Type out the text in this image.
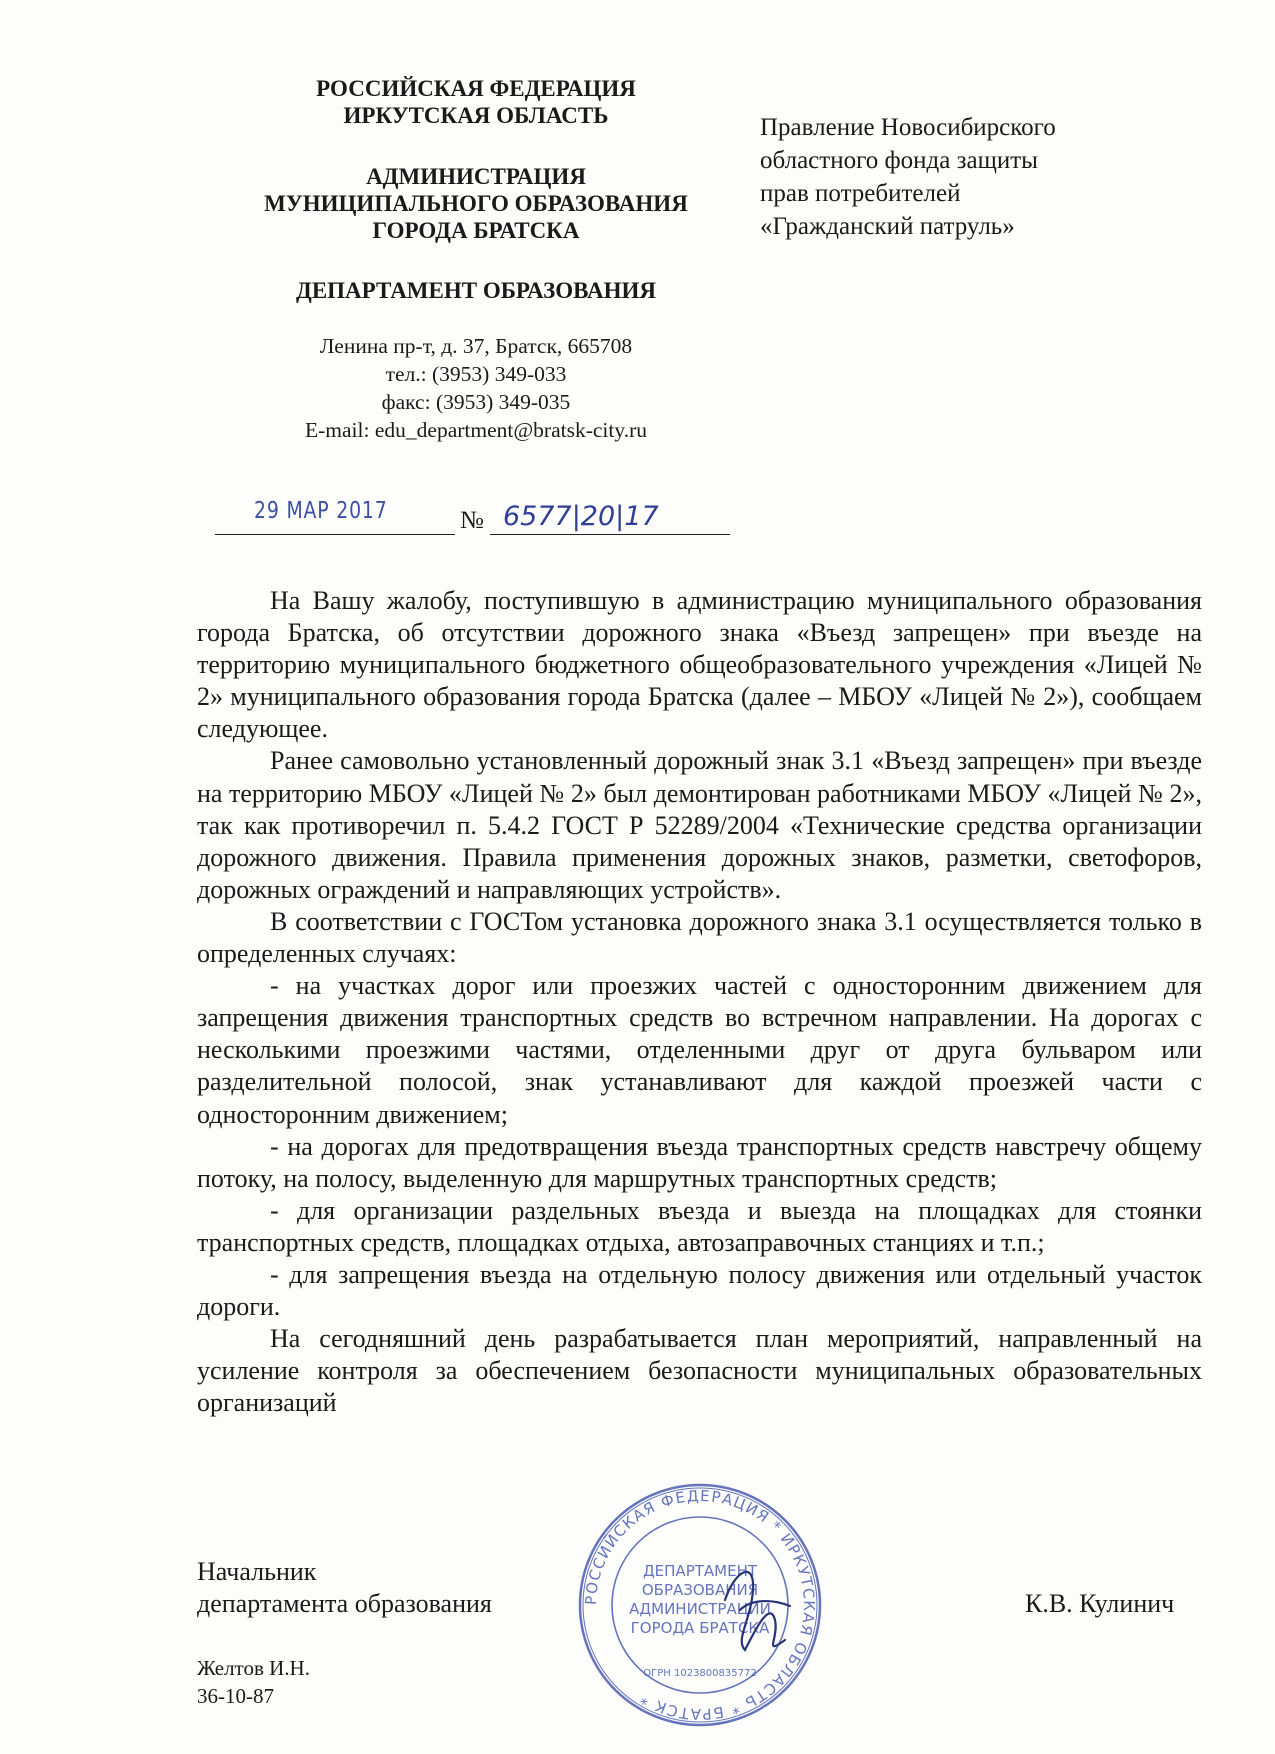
РОССИЙСКАЯ ФЕДЕРАЦИЯ
ИРКУТСКАЯ ОБЛАСТЬ
АДМИНИСТРАЦИЯ
МУНИЦИПАЛЬНОГО ОБРАЗОВАНИЯ
ГОРОДА БРАТСКА
ДЕПАРТАМЕНТ ОБРАЗОВАНИЯ
Ленина пр-т, д. 37, Братск, 665708
тел.: (3953) 349-033
факс: (3953) 349-035
E-mail: edu_department@bratsk-city.ru
Правление Новосибирского
областного фонда защиты
прав потребителей
«Гражданский патруль»
29 MAP 2017	№ 6577|20|17

На Вашу жалобу, поступившую в администрацию муниципального образования города Братска, об отсутствии дорожного знака «Въезд запрещен» при въезде на территорию муниципального бюджетного общеобразовательного учреждения «Лицей № 2» муниципального образования города Братска (далее – МБОУ «Лицей № 2»), сообщаем следующее.

Ранее самовольно установленный дорожный знак 3.1 «Въезд запрещен» при въезде на территорию МБОУ «Лицей № 2» был демонтирован работниками МБОУ «Лицей № 2», так как противоречил п. 5.4.2 ГОСТ Р 52289/2004 «Технические средства организации дорожного движения. Правила применения дорожных знаков, разметки, светофоров, дорожных ограждений и направляющих устройств».

В соответствии с ГОСТом установка дорожного знака 3.1 осуществляется только в определенных случаях:

- на участках дорог или проезжих частей с односторонним движением для запрещения движения транспортных средств во встречном направлении. На дорогах с несколькими проезжими частями, отделенными друг от друга бульваром или разделительной полосой, знак устанавливают для каждой проезжей части с односторонним движением;

- на дорогах для предотвращения въезда транспортных средств навстречу общему потоку, на полосу, выделенную для маршрутных транспортных средств;

- для организации раздельных въезда и выезда на площадках для стоянки транспортных средств, площадках отдыха, автозаправочных станциях и т.п.;

- для запрещения въезда на отдельную полосу движения или отдельный участок дороги.

На сегодняшний день разрабатывается план мероприятий, направленный на усиление контроля за обеспечением безопасности муниципальных образовательных организаций

Начальник
департамента образования	К.В. Кулинич
РОССИЙСКАЯ ФЕДЕРАЦИЯ * ИРКУТСКАЯ ОБЛАСТЬ * БРАТСК *
ДЕПАРТАМЕНТ
ОБРАЗОВАНИЯ
АДМИНИСТРАЦИИ
ГОРОДА БРАТСКА
ОГРН 1023800835772
Желтов И.Н.
36-10-87
